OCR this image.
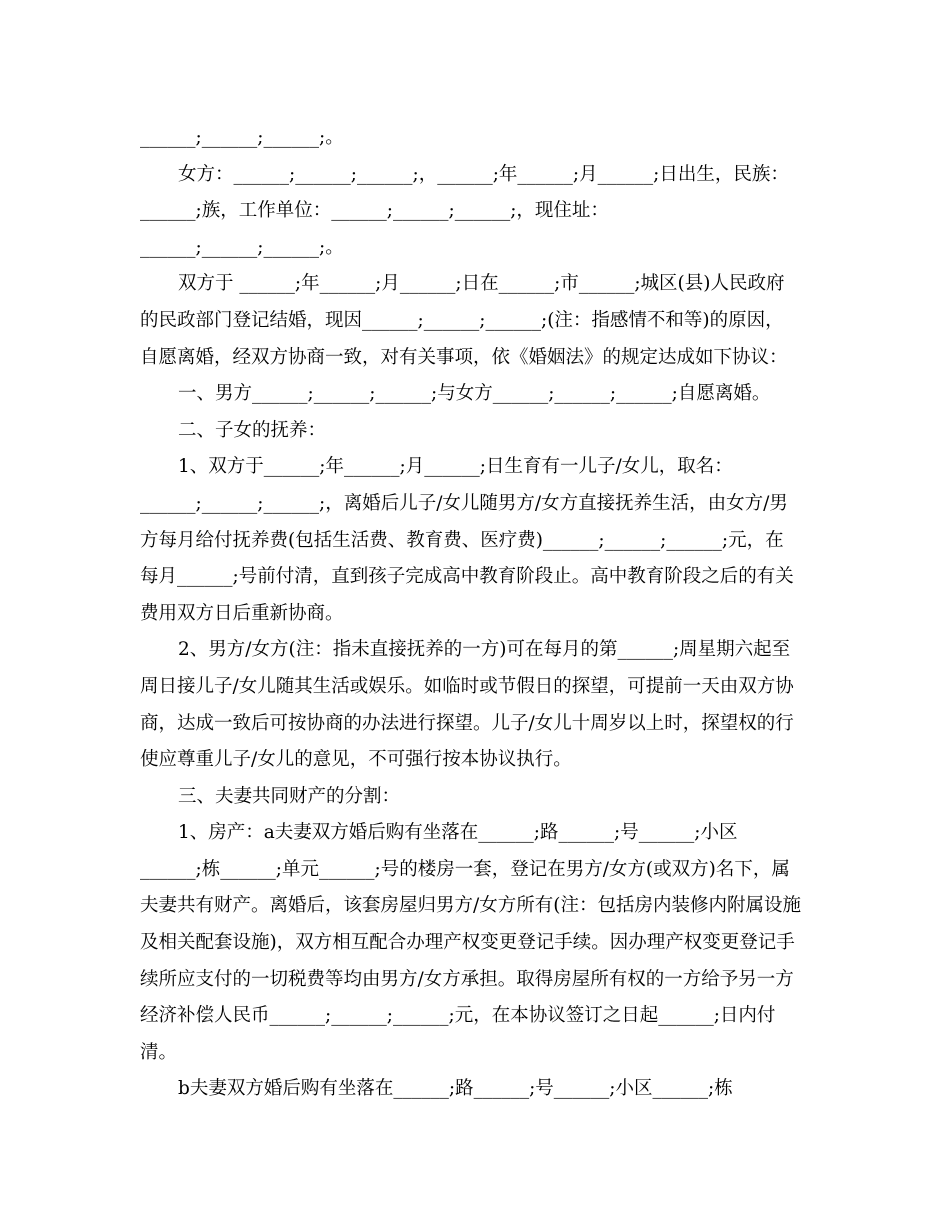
______;______;______;。
女方：______;______;______;，______;年______;月______;日出生，民族：
______;族，工作单位：______;______;______;，现住址：
______;______;______;。
双方于 ______;年______;月______;日在______;市______;城区(县)人民政府
的民政部门登记结婚，现因______;______;______;(注：指感情不和等)的原因，
自愿离婚，经双方协商一致，对有关事项，依《婚姻法》的规定达成如下协议：
一、男方______;______;______;与女方______;______;______;自愿离婚。
二、子女的抚养：
1、双方于______;年______;月______;日生育有一儿子/女儿，取名：
______;______;______;，离婚后儿子/女儿随男方/女方直接抚养生活，由女方/男
方每月给付抚养费(包括生活费、教育费、医疗费)______;______;______;元，在
每月______;号前付清，直到孩子完成高中教育阶段止。高中教育阶段之后的有关
费用双方日后重新协商。
2、男方/女方(注：指未直接抚养的一方)可在每月的第______;周星期六起至
周日接儿子/女儿随其生活或娱乐。如临时或节假日的探望，可提前一天由双方协
商，达成一致后可按协商的办法进行探望。儿子/女儿十周岁以上时，探望权的行
使应尊重儿子/女儿的意见，不可强行按本协议执行。
三、夫妻共同财产的分割：
1、房产：a夫妻双方婚后购有坐落在______;路______;号______;小区
______;栋______;单元______;号的楼房一套，登记在男方/女方(或双方)名下，属
夫妻共有财产。离婚后，该套房屋归男方/女方所有(注：包括房内装修内附属设施
及相关配套设施)，双方相互配合办理产权变更登记手续。因办理产权变更登记手
续所应支付的一切税费等均由男方/女方承担。取得房屋所有权的一方给予另一方
经济补偿人民币______;______;______;元，在本协议签订之日起______;日内付
清。
b夫妻双方婚后购有坐落在______;路______;号______;小区______;栋
